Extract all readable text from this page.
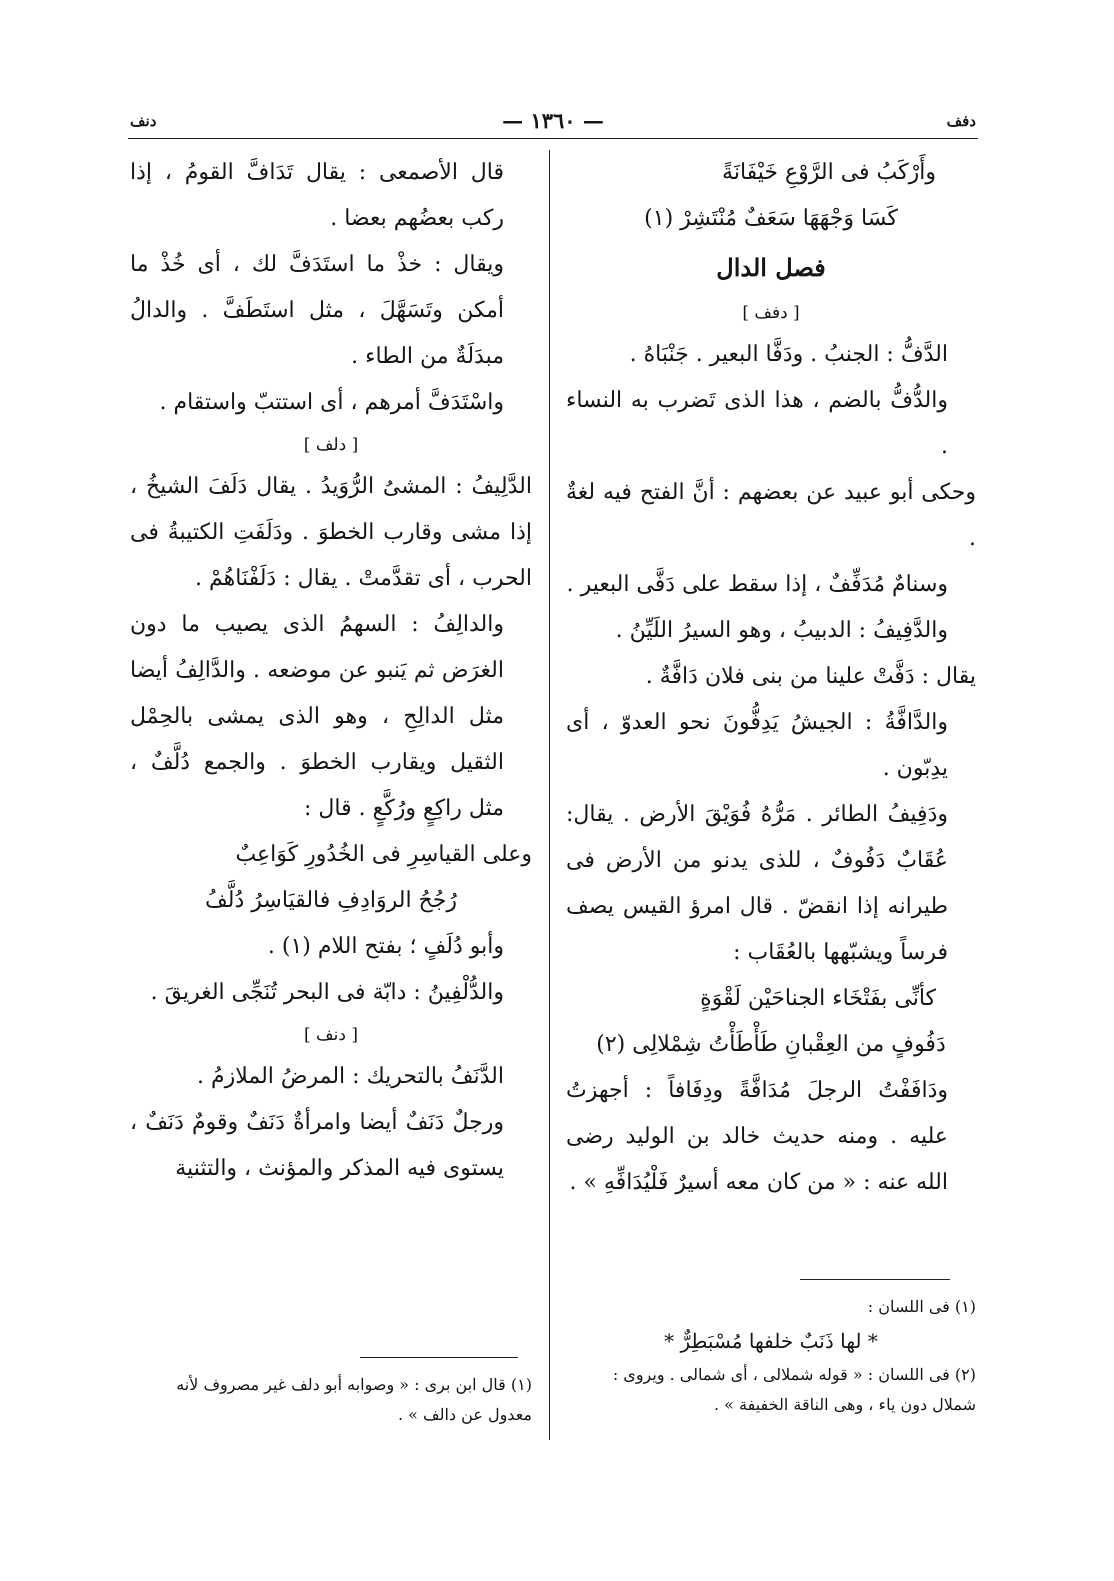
دفف
— ١٣٦٠ —
دنف

وأَرْكَبُ فى الرَّوْعِ خَيْفَانَةً

كَسَا وَجْهَهَا سَعَفٌ مُنْتَشِرْ (١)

فصل الدال

[ دفف ]

الدَّفُّ : الجنبُ . ودَفَّا البعير . جَنْبَاهُ .

والدُّفُّ بالضم ، هذا الذى تَضرب به النساء .

وحكى أبو عبيد عن بعضهم : أنَّ الفتح فيه لغةٌ .

وسنامٌ مُدَفِّفٌ ، إذا سقط على دَفَّى البعير .

والدَّفِيفُ : الدبيبُ ، وهو السيرُ اللَيِّنُ .

يقال : دَفَّتْ علينا من بنى فلان دَافَّةٌ .

والدَّافَّةُ : الجيشُ يَدِفُّونَ نحو العدوّ ، أى يدِبّون .

ودَفِيفُ الطائر . مَرُّهُ فُوَيْقَ الأرض . يقال: عُقَابٌ دَفُوفٌ ، للذى يدنو من الأرض فى طيرانه إذا انقضّ . قال امرؤ القيس يصف فرساً ويشبّهها بالعُقَاب :

كأنِّى بفَتْخَاء الجناحَيْن لَقْوَةٍ

دَفُوفٍ من العِقْبانِ طَأْطَأْتُ شِمْلالِى (٢)

ودَافَفْتُ الرجلَ مُدَافَّةً ودِفَافاً : أجهزتُ عليه . ومنه حديث خالد بن الوليد رضى الله عنه : « من كان معه أسيرٌ فَلْيُدَافِّهِ » .

قال الأصمعى : يقال تَدَافَّ القومُ ، إذا ركب بعضُهم بعضا .

ويقال : خذْ ما استَدَفَّ لك ، أى خُذْ ما أمكن وتَسَهَّلَ ، مثل استَطَفَّ . والدالُ مبدَلَةٌ من الطاء .

واسْتَدَفَّ أمرهم ، أى استتبّ واستقام .

[ دلف ]

الدَّلِيفُ : المشىُ الرُّوَيدُ . يقال دَلَفَ الشيخُ ، إذا مشى وقارب الخطوَ . ودَلَفَتِ الكتيبةُ فى الحرب ، أى تقدَّمتْ . يقال : دَلَفْنَاهُمْ .

والدالِفُ : السهمُ الذى يصيب ما دون الغرَض ثم يَنبو عن موضعه . والدَّالِفُ أيضا مثل الدالِحِ ، وهو الذى يمشى بالحِمْل الثقيل ويقارب الخطوَ . والجمع دُلَّفٌ ، مثل راكِعٍ ورُكَّعٍ . قال :

وعلى القياسِرِ فى الخُدُورِ كَوَاعِبٌ

رُجُحُ الروَادِفِ فالقيَاسِرُ دُلَّفُ

وأبو دُلَفٍ ؛ بفتح اللام (١) .

والدُّلْفِينُ : دابّة فى البحر تُنَجِّى الغريقَ .

[ دنف ]

الدَّنَفُ بالتحريك : المرضُ الملازمُ .

ورجلٌ دَنَفٌ أيضا وامرأةٌ دَنَفٌ وقومٌ دَنَفٌ ، يستوى فيه المذكر والمؤنث ، والتثنية

(١) فى اللسان :

* لها ذَنَبٌ خلفها مُسْبَطِرٌّ *

(٢) فى اللسان : « قوله شملالى ، أى شمالى . ويروى : شملال دون ياء ، وهى الناقة الخفيفة » .

(١) قال ابن برى : « وصوابه أبو دلف غير مصروف لأنه معدول عن دالف » .
